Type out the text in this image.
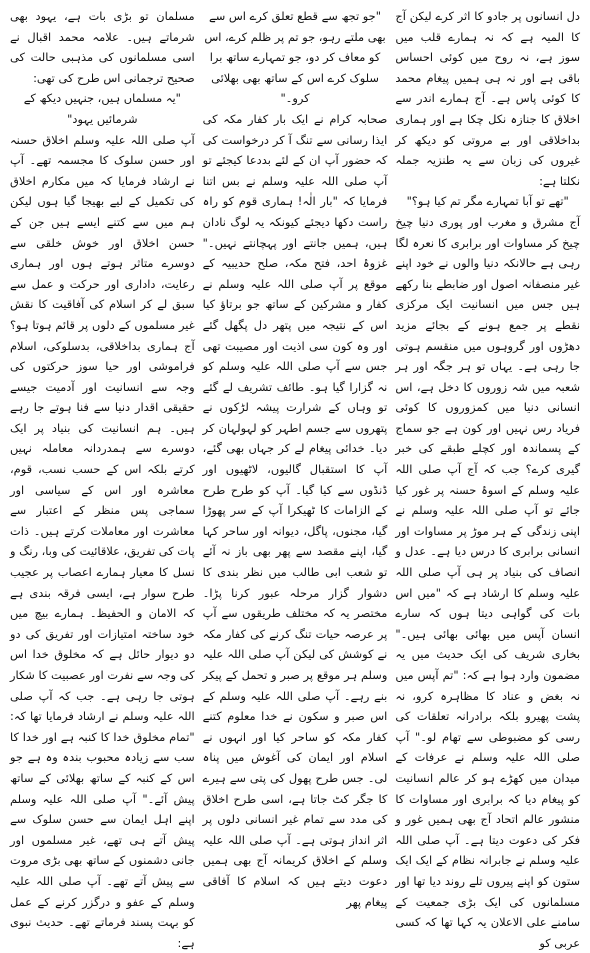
مسلمان تو بڑی بات ہے، یہود بھی شرماتے ہیں۔ علامہ محمد اقبال نے اسی مسلمانوں کی مذہبی حالت کی صحیح ترجمانی اس طرح کی تھی:

"یہ مسلماں ہیں، جنہیں دیکھ کے شرمائیں یہود"

آپ صلی اللہ علیہ وسلم اخلاق حسنہ اور حسن سلوک کا مجسمہ تھے۔ آپ نے ارشاد فرمایا کہ میں مکارم اخلاق کی تکمیل کے لیے بھیجا گیا ہوں لیکن ہم میں سے کتنے ایسے ہیں جن کے حسن اخلاق اور خوش خلقی سے دوسرے متاثر ہوتے ہوں اور ہماری رعایت، داداری اور حرکت و عمل سے سبق لے کر اسلام کی آفاقیت کا نقش غیر مسلموں کے دلوں پر قائم ہوتا ہو؟ آج ہماری بداخلاقی، بدسلوکی، اسلام فراموشی اور حیا سوز حرکتوں کی وجہ سے انسانیت اور آدمیت جیسے حقیقی اقدار دنیا سے فنا ہوتے جا رہے ہیں۔ ہم انسانیت کی بنیاد پر ایک دوسرے سے ہمدردانہ معاملہ نہیں کرتے بلکہ اس کے حسب نسب، قوم، معاشرہ اور اس کے سیاسی اور سماجی پس منظر کے اعتبار سے معاشرت اور معاملات کرتے ہیں۔ ذات پات کی تفریق، علاقائیت کی وبا، رنگ و نسل کا معیار ہمارے اعصاب پر عجیب طرح سوار ہے، ایسی فرقہ بندی ہے کہ الامان و الحفیظ۔ ہمارے بیچ میں خود ساختہ امتیازات اور تفریق کی دو دو دیوار حائل ہے کہ مخلوق خدا اس کی وجہ سے نفرت اور عصبیت کا شکار ہوتی جا رہی ہے۔ جب کہ آپ صلی اللہ علیہ وسلم نے ارشاد فرمایا تھا کہ: "تمام مخلوق خدا کا کنبہ ہے اور خدا کا سب سے زیادہ محبوب بندہ وہ ہے جو اس کے کنبہ کے ساتھ بھلائی کے ساتھ پیش آئے۔" آپ صلی اللہ علیہ وسلم اپنے اہل ایمان سے حسن سلوک سے پیش آتے ہی تھے، غیر مسلموں اور جانی دشمنوں کے ساتھ بھی بڑی مروت سے پیش آتے تھے۔ آپ صلی اللہ علیہ وسلم کے عفو و درگزر کرنے کے عمل کو بہت پسند فرماتے تھے۔ حدیث نبوی ہے:

"جو تجھ سے قطع تعلق کرے اس سے بھی ملتے رہو، جو تم پر ظلم کرے، اس کو معاف کر دو، جو تمہارے ساتھ برا سلوک کرے اس کے ساتھ بھی بھلائی کرو۔"

صحابہ کرام نے ایک بار کفار مکہ کی ایذا رسانی سے تنگ آ کر درخواست کی کہ حضور آپ ان کے لئے بددعا کیجئے تو آپ صلی اللہ علیہ وسلم نے بس اتنا فرمایا کہ "بار الٰہ! ہماری قوم کو راہ راست دکھا دیجئے کیونکہ یہ لوگ نادان ہیں، ہمیں جانتے اور پہچانتے نہیں۔" غزوۂ احد، فتح مکہ، صلح حدیبیہ کے موقع پر آپ صلی اللہ علیہ وسلم نے کفار و مشرکین کے ساتھ جو برتاؤ کیا اس کے نتیجہ میں پتھر دل پگھل گئے اور وہ کون سی اذیت اور مصیبت تھی جس سے آپ صلی اللہ علیہ وسلم کو نہ گزارا گیا ہو۔ طائف تشریف لے گئے تو وہاں کے شرارت پیشہ لڑکوں نے پتھروں سے جسم اطہر کو لہولہان کر دیا۔ خدائی پیغام لے کر جہاں بھی گئے، آپ کا استقبال گالیوں، لاٹھیوں اور ڈنڈوں سے کیا گیا۔ آپ کو طرح طرح کے الزامات کا ٹھیکرا آپ کے سر پھوڑا گیا، مجنوں، پاگل، دیوانہ اور ساحر کہا گیا، اپنے مقصد سے پھر بھی باز نہ آئے تو شعب ابی طالب میں نظر بندی کا دشوار گزار مرحلہ عبور کرنا پڑا۔ مختصر یہ کہ مختلف طریقوں سے آپ پر عرصہ حیات تنگ کرنے کی کفار مکہ نے کوشش کی لیکن آپ صلی اللہ علیہ وسلم ہر موقع پر صبر و تحمل کے پیکر بنے رہے۔ آپ صلی اللہ علیہ وسلم کے اس صبر و سکون نے خدا معلوم کتنے کفار مکہ کو ساحر کیا اور انہوں نے اسلام اور ایمان کی آغوش میں پناہ لی۔ جس طرح پھول کی پتی سے ہیرے کا جگر کٹ جاتا ہے، اسی طرح اخلاق کی مدد سے تمام غیر انسانی دلوں پر اثر انداز ہوتی ہے۔ آپ صلی اللہ علیہ وسلم کے اخلاق کریمانہ آج بھی ہمیں دعوت دیتے ہیں کہ اسلام کا آفاقی پیغام پھر

دل انسانوں پر جادو کا اثر کرے لیکن آج کا المیہ ہے کہ نہ ہمارے قلب میں سوز ہے، نہ روح میں کوئی احساس باقی ہے اور نہ ہی ہمیں پیغام محمد کا کوئی پاس ہے۔ آج ہمارے اندر سے اخلاق کا جنازہ نکل چکا ہے اور ہماری بداخلاقی اور بے مروتی کو دیکھ کر غیروں کی زبان سے یہ طنزیہ جملہ نکلتا ہے:

"تھے تو آبا تمہارے مگر تم کیا ہو؟"

آج مشرق و مغرب اور پوری دنیا چیخ چیخ کر مساوات اور برابری کا نعرہ لگا رہی ہے حالانکہ دنیا والوں نے خود اپنے غیر منصفانہ اصول اور ضابطے بنا رکھے ہیں جس میں انسانیت ایک مرکزی نقطے پر جمع ہونے کے بجائے مزید دھڑوں اور گروہوں میں منقسم ہوتی جا رہی ہے۔ یہاں تو ہر جگہ اور ہر شعبہ میں شہ زوروں کا دخل ہے، اس انسانی دنیا میں کمزوروں کا کوئی فریاد رس نہیں اور کون ہے جو سماج کے پسماندہ اور کچلے طبقے کی خبر گیری کرے؟ جب کہ آج آپ صلی اللہ علیہ وسلم کے اسوۂ حسنہ پر غور کیا جائے تو آپ صلی اللہ علیہ وسلم نے اپنی زندگی کے ہر موڑ پر مساوات اور انسانی برابری کا درس دیا ہے۔ عدل و انصاف کی بنیاد پر ہی آپ صلی اللہ علیہ وسلم کا ارشاد ہے کہ "میں اس بات کی گواہی دیتا ہوں کہ سارے انسان آپس میں بھائی بھائی ہیں۔" بخاری شریف کی ایک حدیث میں یہ مضمون وارد ہوا ہے کہ: "تم آپس میں نہ بغض و عناد کا مظاہرہ کرو، نہ پشت پھیرو بلکہ برادرانہ تعلقات کی رسی کو مضبوطی سے تھام لو۔" آپ صلی اللہ علیہ وسلم نے عرفات کے میدان میں کھڑے ہو کر عالم انسانیت کو پیغام دیا کہ برابری اور مساوات کا منشور عالم اتحاد آج بھی ہمیں غور و فکر کی دعوت دیتا ہے۔ آپ صلی اللہ علیہ وسلم نے جابرانہ نظام کے ایک ایک ستون کو اپنے پیروں تلے روند دیا تھا اور مسلمانوں کی ایک بڑی جمعیت کے سامنے علی الاعلان یہ کہا تھا کہ کسی عربی کو
